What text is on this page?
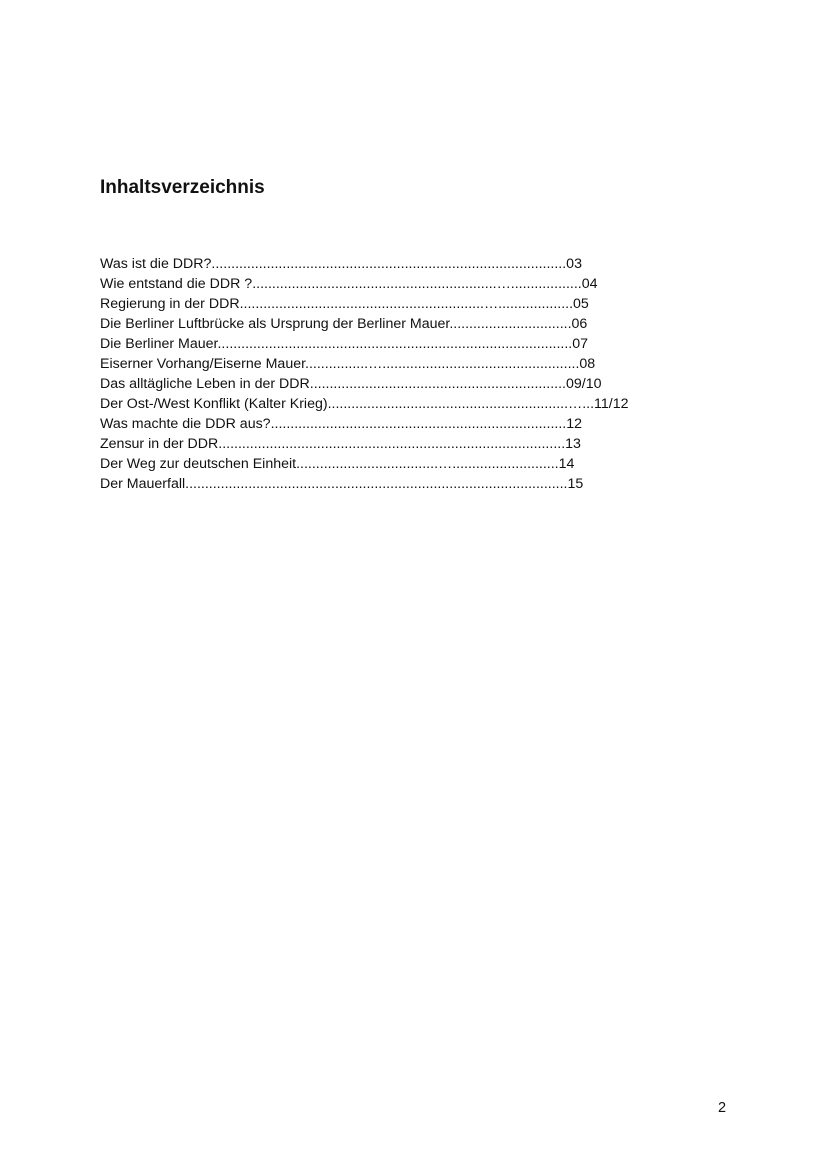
Inhaltsverzeichnis
Was ist die DDR?..........................................................................................03
Wie entstand die DDR ?..............................................................…..................04
Regierung in der DDR..............................................................…...................05
Die Berliner Luftbrücke als Ursprung der Berliner Mauer...............................06
Die Berliner Mauer..........................................................................................07
Eiserner Vorhang/Eiserne Mauer................…..................................................08
Das alltägliche Leben in der DDR.................................................................09/10
Der Ost-/West Konflikt (Kalter Krieg).............................................................…...11/12
Was machte die DDR aus?...........................................................................12
Zensur in der DDR........................................................................................13
Der Weg zur deutschen Einheit....................................…...........................14
Der Mauerfall.................................................................................................15
2
